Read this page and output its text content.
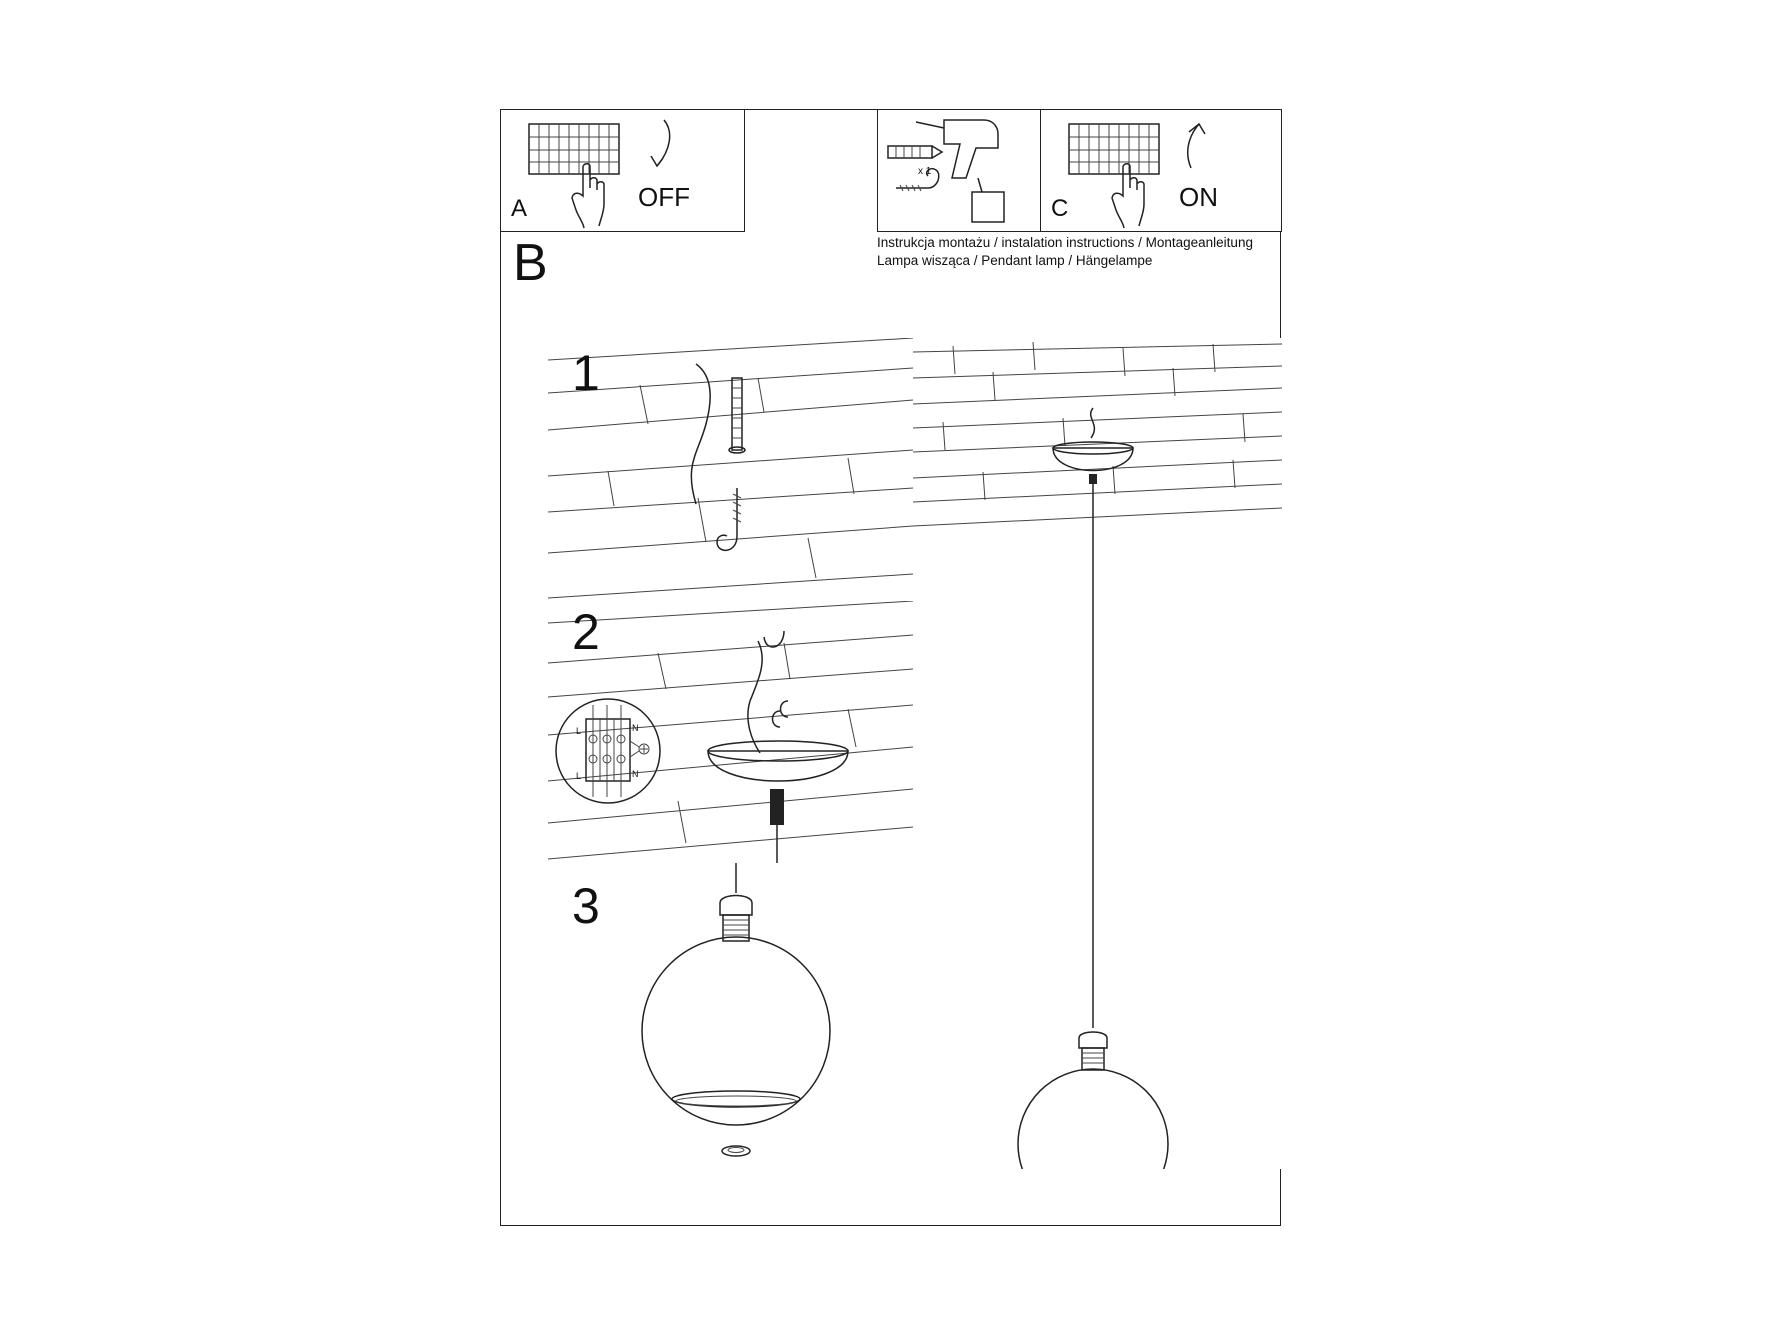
A	OFF
x 1
C	ON
B	Instrukcja montażu / instalation instructions / Montageanleitung
Lampa wisząca / Pendant lamp / Hängelampe
1
L
L
N
N
2
3
